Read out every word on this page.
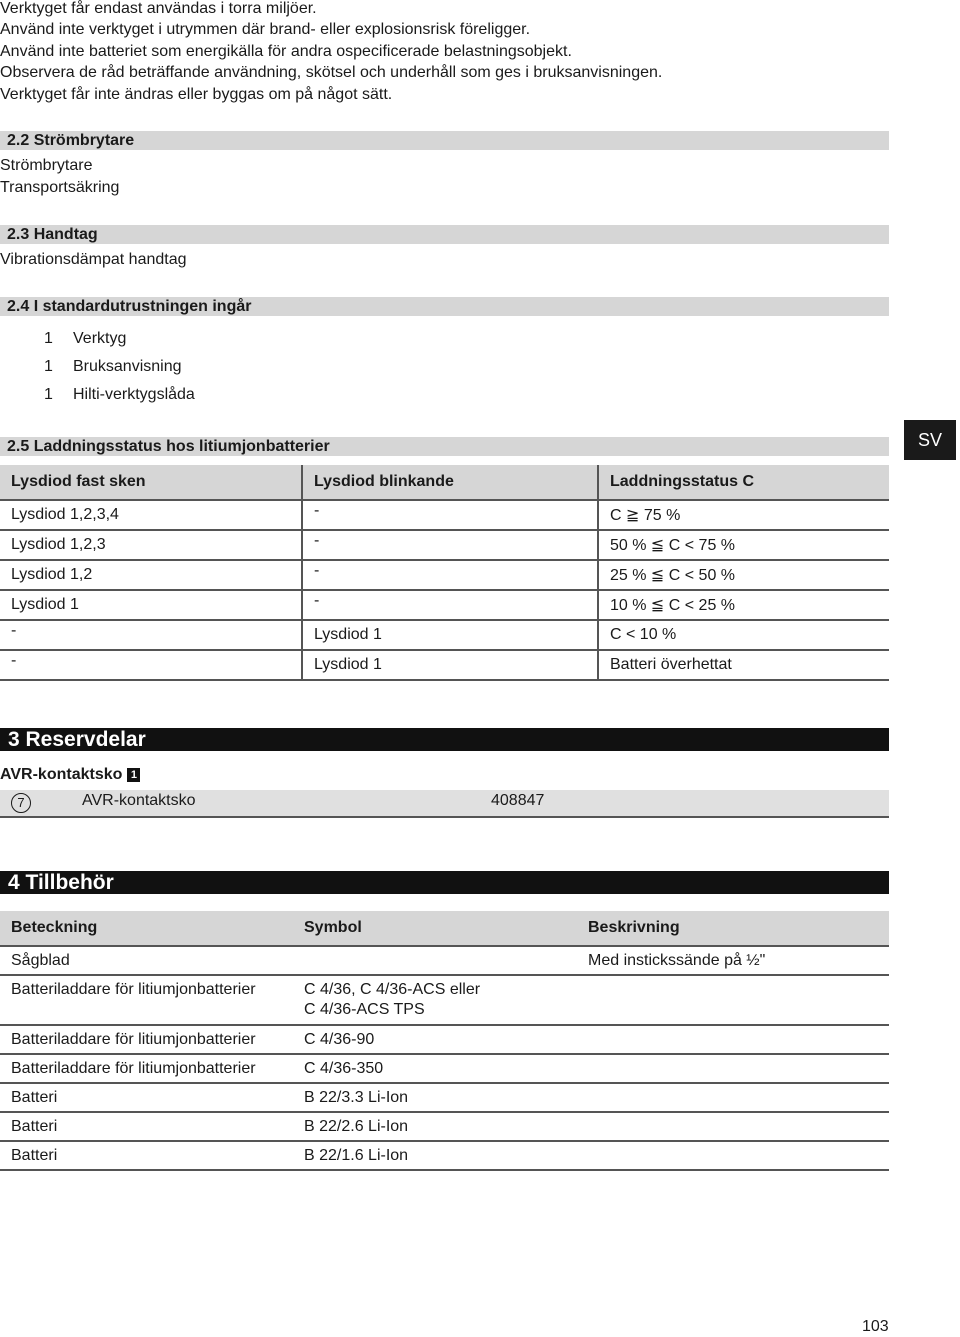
Verktyget får endast användas i torra miljöer.
Använd inte verktyget i utrymmen där brand- eller explosionsrisk föreligger.
Använd inte batteriet som energikälla för andra ospecificerade belastningsobjekt.
Observera de råd beträffande användning, skötsel och underhåll som ges i bruksanvisningen.
Verktyget får inte ändras eller byggas om på något sätt.
2.2 Strömbrytare
Strömbrytare
Transportsäkring
2.3 Handtag
Vibrationsdämpat handtag
2.4 I standardutrustningen ingår
1 Verktyg
1 Bruksanvisning
1 Hilti-verktygslåda
SV
2.5 Laddningsstatus hos litiumjonbatterier
Lysdiod fast sken	Lysdiod blinkande	Laddningsstatus C
Lysdiod 1,2,3,4	-	C ≧ 75 %
Lysdiod 1,2,3	-	50 % ≦ C < 75 %
Lysdiod 1,2	-	25 % ≦ C < 50 %
Lysdiod 1	-	10 % ≦ C < 25 %
-	Lysdiod 1	C < 10 %
-	Lysdiod 1	Batteri överhettat
3 Reservdelar
AVR-kontaktsko 1
7	AVR-kontaktsko	408847
4 Tillbehör
Beteckning	Symbol	Beskrivning
Sågblad		Med instickssände på ½"
Batteriladdare för litiumjonbatterier	C 4/36, C 4/36-ACS eller
C 4/36-ACS TPS	
Batteriladdare för litiumjonbatterier	C 4/36-90	
Batteriladdare för litiumjonbatterier	C 4/36-350	
Batteri	B 22/3.3 Li-Ion	
Batteri	B 22/2.6 Li-Ion	
Batteri	B 22/1.6 Li-Ion	
103
